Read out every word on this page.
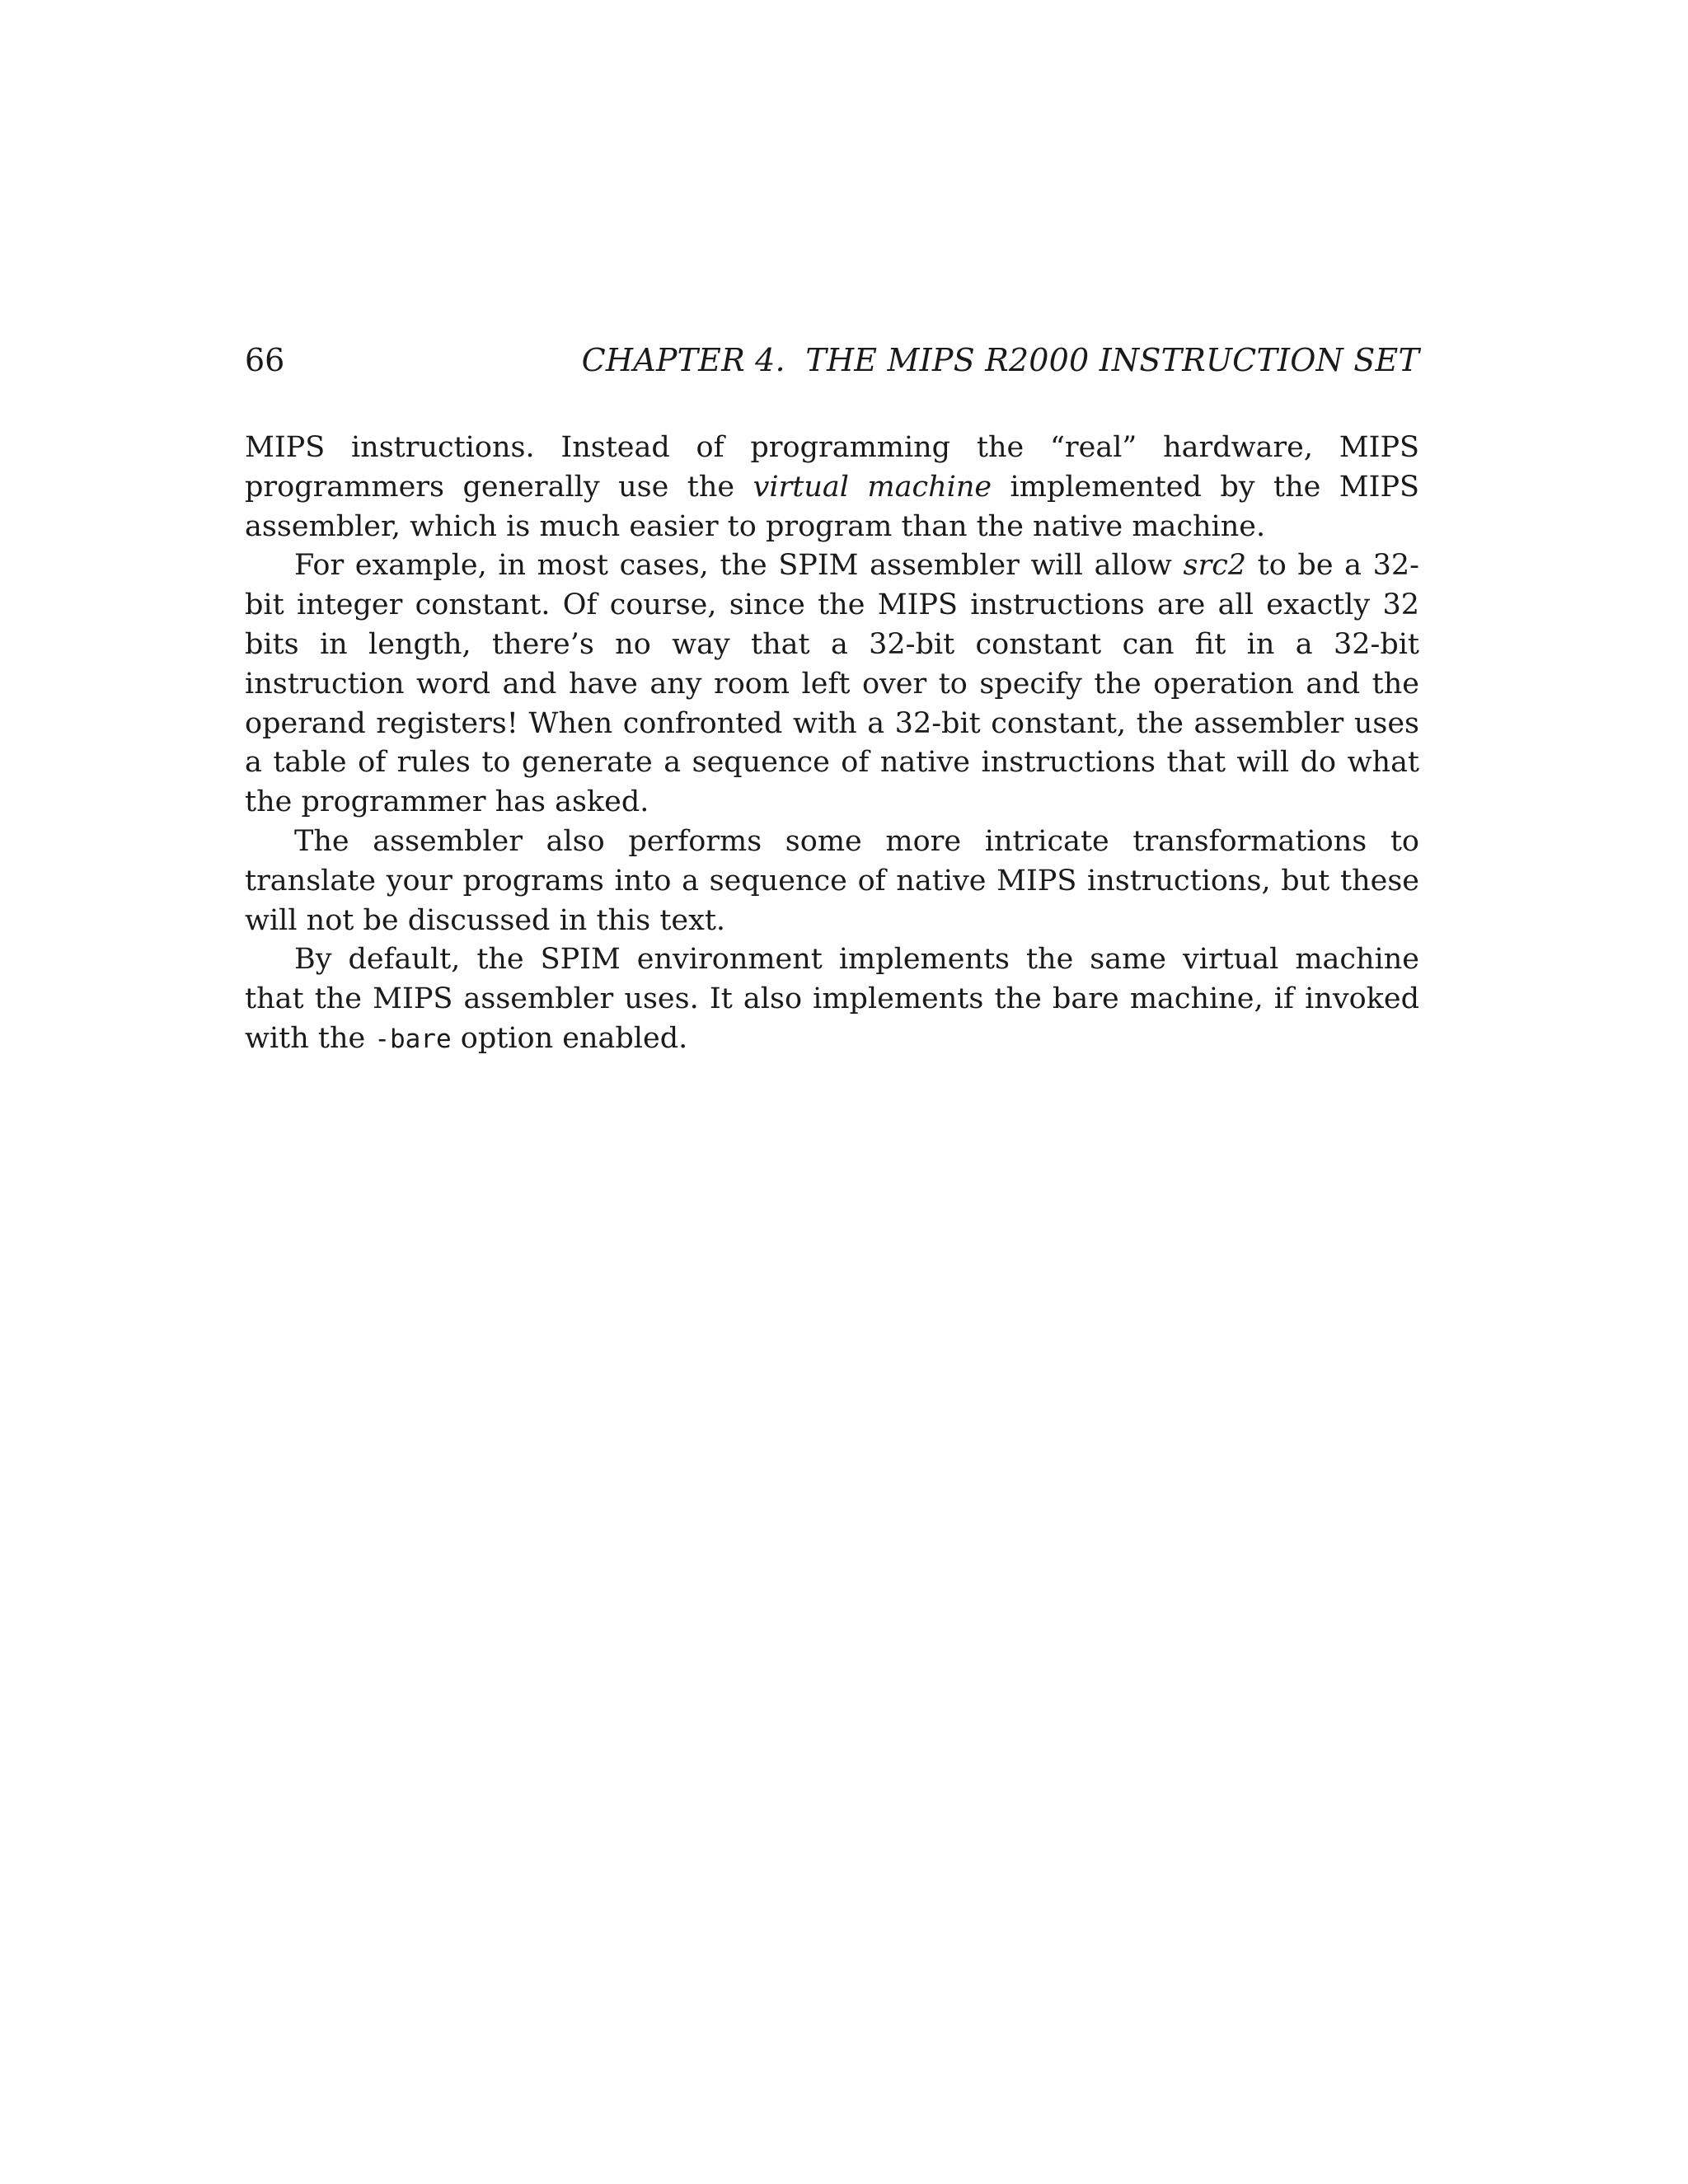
66	CHAPTER 4.  THE MIPS R2000 INSTRUCTION SET

MIPS instructions. Instead of programming the “real” hardware, MIPS programmers generally use the virtual machine implemented by the MIPS assembler, which is much easier to program than the native machine.

For example, in most cases, the SPIM assembler will allow src2 to be a 32-bit integer constant. Of course, since the MIPS instructions are all exactly 32 bits in length, there’s no way that a 32-bit constant can fit in a 32-bit instruction word and have any room left over to specify the operation and the operand registers! When confronted with a 32-bit constant, the assembler uses a table of rules to generate a sequence of native instructions that will do what the programmer has asked.

The assembler also performs some more intricate transformations to translate your programs into a sequence of native MIPS instructions, but these will not be discussed in this text.

By default, the SPIM environment implements the same virtual machine that the MIPS assembler uses. It also implements the bare machine, if invoked with the -bare option enabled.
